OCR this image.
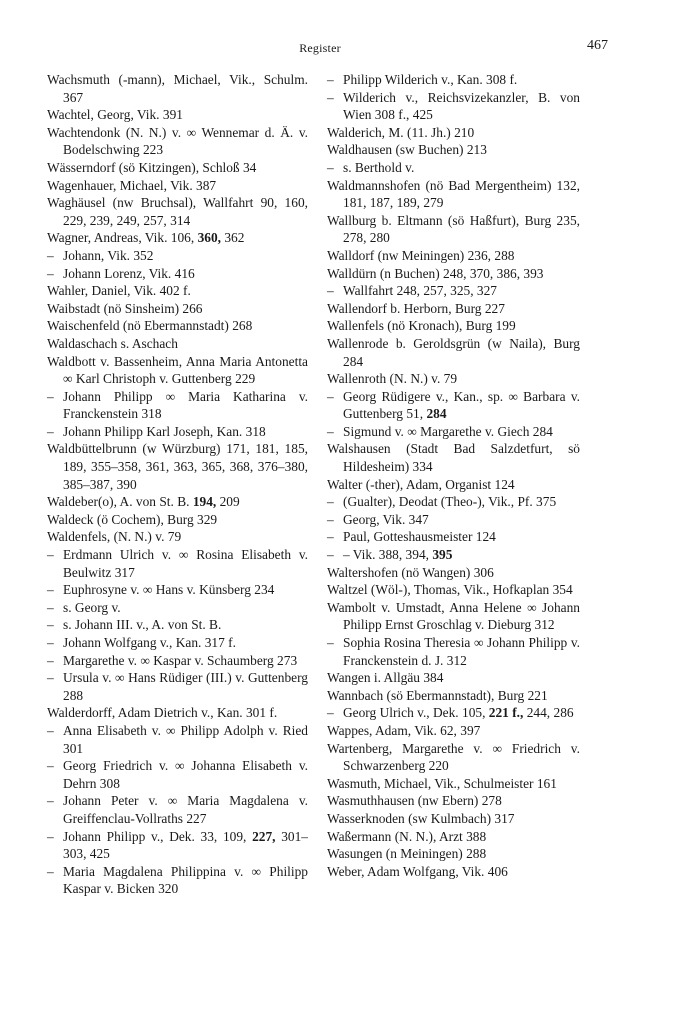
Register	467
Wachsmuth (-mann), Michael, Vik., Schulm. 367
Wachtel, Georg, Vik. 391
Wachtendonk (N. N.) v. ∞ Wennemar d. Ä. v. Bodelschwing 223
Wässerndorf (sö Kitzingen), Schloß 34
Wagenhauer, Michael, Vik. 387
Waghäusel (nw Bruchsal), Wallfahrt 90, 160, 229, 239, 249, 257, 314
Wagner, Andreas, Vik. 106, 360, 362
– Johann, Vik. 352
– Johann Lorenz, Vik. 416
Wahler, Daniel, Vik. 402 f.
Waibstadt (nö Sinsheim) 266
Waischenfeld (nö Ebermannstadt) 268
Waldaschach s. Aschach
Waldbott v. Bassenheim, Anna Maria Antonetta ∞ Karl Christoph v. Guttenberg 229
– Johann Philipp ∞ Maria Katharina v. Franckenstein 318
– Johann Philipp Karl Joseph, Kan. 318
Waldbüttelbrunn (w Würzburg) 171, 181, 185, 189, 355–358, 361, 363, 365, 368, 376–380, 385–387, 390
Waldeber(o), A. von St. B. 194, 209
Waldeck (ö Cochem), Burg 329
Waldenfels, (N. N.) v. 79
– Erdmann Ulrich v. ∞ Rosina Elisabeth v. Beulwitz 317
– Euphrosyne v. ∞ Hans v. Künsberg 234
– s. Georg v.
– s. Johann III. v., A. von St. B.
– Johann Wolfgang v., Kan. 317 f.
– Margarethe v. ∞ Kaspar v. Schaumberg 273
– Ursula v. ∞ Hans Rüdiger (III.) v. Guttenberg 288
Walderdorff, Adam Dietrich v., Kan. 301 f.
– Anna Elisabeth v. ∞ Philipp Adolph v. Ried 301
– Georg Friedrich v. ∞ Johanna Elisabeth v. Dehrn 308
– Johann Peter v. ∞ Maria Magdalena v. Greiffenclau-Vollraths 227
– Johann Philipp v., Dek. 33, 109, 227, 301–303, 425
– Maria Magdalena Philippina v. ∞ Philipp Kaspar v. Bicken 320
– Philipp Wilderich v., Kan. 308 f.
– Wilderich v., Reichsvizekanzler, B. von Wien 308 f., 425
Walderich, M. (11. Jh.) 210
Waldhausen (sw Buchen) 213
– s. Berthold v.
Waldmannshofen (nö Bad Mergentheim) 132, 181, 187, 189, 279
Wallburg b. Eltmann (sö Haßfurt), Burg 235, 278, 280
Walldorf (nw Meiningen) 236, 288
Walldürn (n Buchen) 248, 370, 386, 393
– Wallfahrt 248, 257, 325, 327
Wallendorf b. Herborn, Burg 227
Wallenfels (nö Kronach), Burg 199
Wallenrode b. Geroldsgrün (w Naila), Burg 284
Wallenroth (N. N.) v. 79
– Georg Rüdigere v., Kan., sp. ∞ Barbara v. Guttenberg 51, 284
– Sigmund v. ∞ Margarethe v. Giech 284
Walshausen (Stadt Bad Salzdetfurt, sö Hildesheim) 334
Walter (-ther), Adam, Organist 124
– (Gualter), Deodat (Theo-), Vik., Pf. 375
– Georg, Vik. 347
– Paul, Gotteshausmeister 124
– – Vik. 388, 394, 395
Waltershofen (nö Wangen) 306
Waltzel (Wöl-), Thomas, Vik., Hofkaplan 354
Wambolt v. Umstadt, Anna Helene ∞ Johann Philipp Ernst Groschlag v. Dieburg 312
– Sophia Rosina Theresia ∞ Johann Philipp v. Franckenstein d. J. 312
Wangen i. Allgäu 384
Wannbach (sö Ebermannstadt), Burg 221
– Georg Ulrich v., Dek. 105, 221 f., 244, 286
Wappes, Adam, Vik. 62, 397
Wartenberg, Margarethe v. ∞ Friedrich v. Schwarzenberg 220
Wasmuth, Michael, Vik., Schulmeister 161
Wasmuthhausen (nw Ebern) 278
Wasserknoden (sw Kulmbach) 317
Waßermann (N. N.), Arzt 388
Wasungen (n Meiningen) 288
Weber, Adam Wolfgang, Vik. 406
